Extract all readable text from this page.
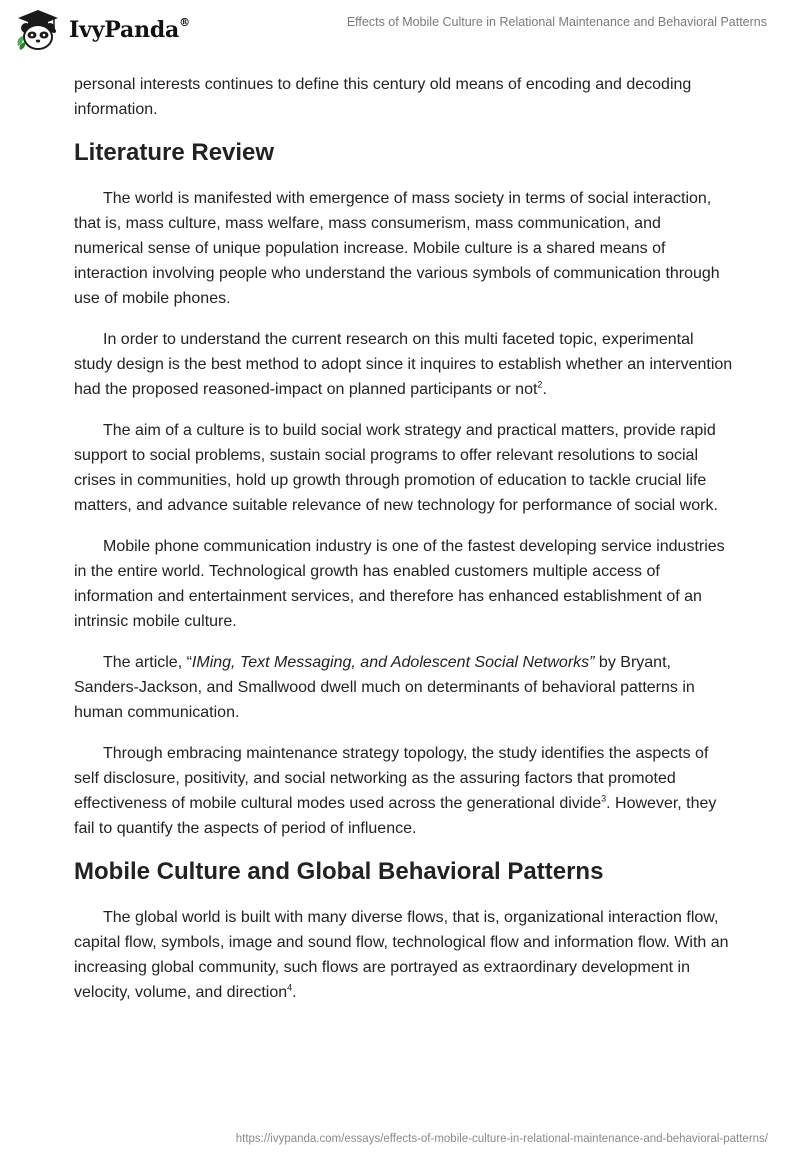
IvyPanda®	Effects of Mobile Culture in Relational Maintenance and Behavioral Patterns

personal interests continues to define this century old means of encoding and decoding information.

Literature Review

The world is manifested with emergence of mass society in terms of social interaction, that is, mass culture, mass welfare, mass consumerism, mass communication, and numerical sense of unique population increase. Mobile culture is a shared means of interaction involving people who understand the various symbols of communication through use of mobile phones.

In order to understand the current research on this multi faceted topic, experimental study design is the best method to adopt since it inquires to establish whether an intervention had the proposed reasoned-impact on planned participants or not$^2$.

The aim of a culture is to build social work strategy and practical matters, provide rapid support to social problems, sustain social programs to offer relevant resolutions to social crises in communities, hold up growth through promotion of education to tackle crucial life matters, and advance suitable relevance of new technology for performance of social work.

Mobile phone communication industry is one of the fastest developing service industries in the entire world. Technological growth has enabled customers multiple access of information and entertainment services, and therefore has enhanced establishment of an intrinsic mobile culture.

The article, “IMing, Text Messaging, and Adolescent Social Networks” by Bryant, Sanders-Jackson, and Smallwood dwell much on determinants of behavioral patterns in human communication.

Through embracing maintenance strategy topology, the study identifies the aspects of self disclosure, positivity, and social networking as the assuring factors that promoted effectiveness of mobile cultural modes used across the generational divide$^3$. However, they fail to quantify the aspects of period of influence.

Mobile Culture and Global Behavioral Patterns

The global world is built with many diverse flows, that is, organizational interaction flow, capital flow, symbols, image and sound flow, technological flow and information flow. With an increasing global community, such flows are portrayed as extraordinary development in velocity, volume, and direction$^4$.

https://ivypanda.com/essays/effects-of-mobile-culture-in-relational-maintenance-and-behavioral-patterns/
